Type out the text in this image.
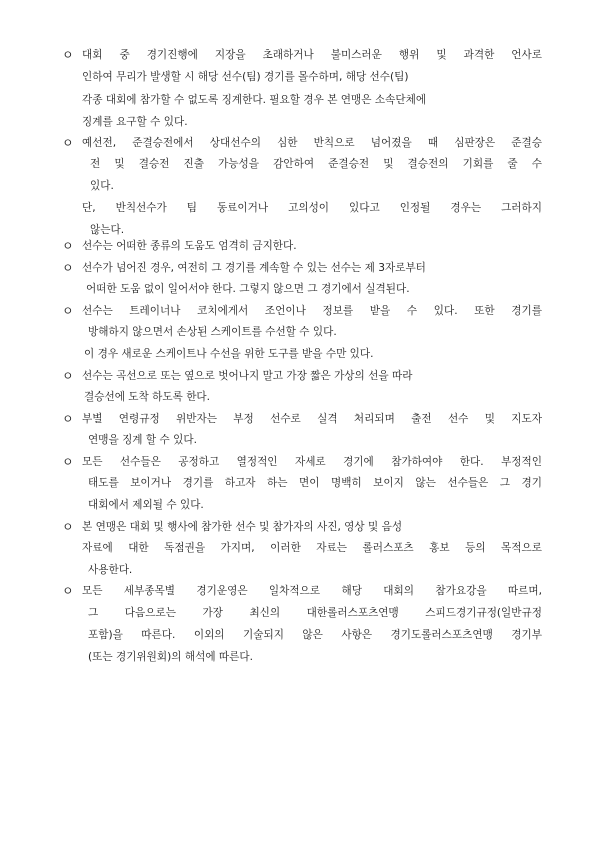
ㅇ 대회 중 경기진행에 지장을 초래하거나 불미스러운 행위 및 과격한 언사로
인하여 무리가 발생할 시 해당 선수(팀) 경기를 몰수하며, 해당 선수(팀)
각종 대회에 참가할 수 없도록 징계한다. 필요할 경우 본 연맹은 소속단체에
징계를 요구할 수 있다.
ㅇ 예선전, 준결승전에서 상대선수의 심한 반칙으로 넘어졌을 때 심판장은 준결승
전 및 결승전 진출 가능성을 감안하여 준결승전 및 결승전의 기회를 줄 수
있다.
단, 반칙선수가 팀 동료이거나 고의성이 있다고 인정될 경우는 그러하지
않는다.
ㅇ 선수는 어떠한 종류의 도움도 엄격히 금지한다.
ㅇ 선수가 넘어진 경우, 여전히 그 경기를 계속할 수 있는 선수는 제 3자로부터
어떠한 도움 없이 일어서야 한다. 그렇지 않으면 그 경기에서 실격된다.
ㅇ 선수는 트레이너나 코치에게서 조언이나 정보를 받을 수 있다. 또한 경기를
방해하지 않으면서 손상된 스케이트를 수선할 수 있다.
이 경우 새로운 스케이트나 수선을 위한 도구를 받을 수만 있다.
ㅇ 선수는 곡선으로 또는 옆으로 벗어나지 말고 가장 짧은 가상의 선을 따라
결승선에 도착 하도록 한다.
ㅇ 부별 연령규정 위반자는 부정 선수로 실격 처리되며 출전 선수 및 지도자
연맹을 징계 할 수 있다.
ㅇ 모든 선수들은 공정하고 열정적인 자세로 경기에 참가하여야 한다. 부정적인
태도를 보이거나 경기를 하고자 하는 면이 명백히 보이지 않는 선수들은 그 경기
대회에서 제외될 수 있다.
ㅇ 본 연맹은 대회 및 행사에 참가한 선수 및 참가자의 사진, 영상 및 음성
자료에 대한 독점권을 가지며, 이러한 자료는 롤러스포츠 홍보 등의 목적으로
사용한다.
ㅇ 모든 세부종목별 경기운영은 일차적으로 해당 대회의 참가요강을 따르며,
그 다음으로는 가장 최신의 대한롤러스포츠연맹 스피드경기규정(일반규정
포함)을 따른다. 이외의 기술되지 않은 사항은 경기도롤러스포츠연맹 경기부
(또는 경기위원회)의 해석에 따른다.
